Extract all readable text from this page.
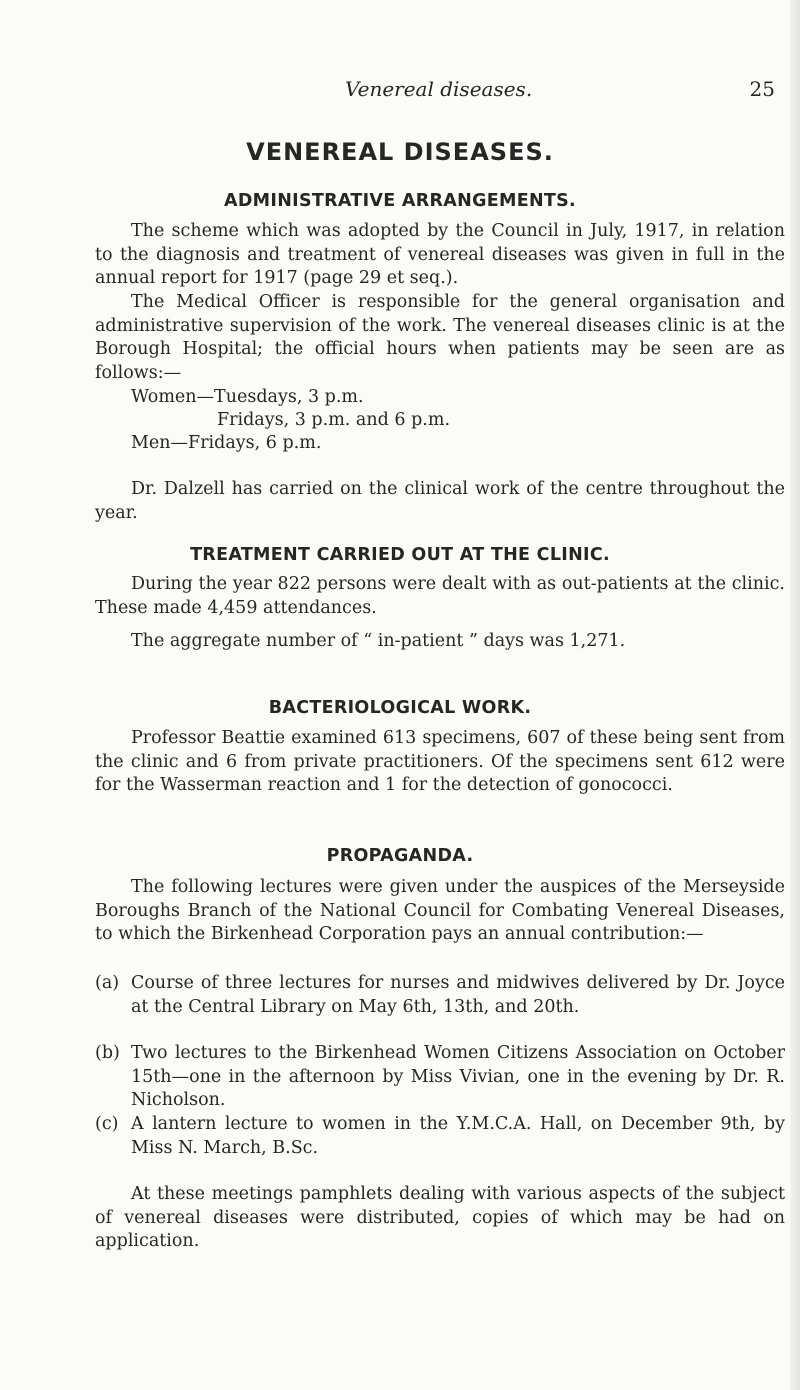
Venereal diseases.	25
VENEREAL DISEASES.
ADMINISTRATIVE ARRANGEMENTS.

The scheme which was adopted by the Council in July, 1917, in relation to the diagnosis and treatment of venereal diseases was given in full in the annual report for 1917 (page 29 et seq.).

The Medical Officer is responsible for the general organisation and administrative supervision of the work. The venereal diseases clinic is at the Borough Hospital; the official hours when patients may be seen are as follows:—

Women—Tuesdays, 3 p.m.
Fridays, 3 p.m. and 6 p.m.
Men—Fridays, 6 p.m.

Dr. Dalzell has carried on the clinical work of the centre throughout the year.

TREATMENT CARRIED OUT AT THE CLINIC.

During the year 822 persons were dealt with as out-patients at the clinic. These made 4,459 attendances.

The aggregate number of “ in-patient ” days was 1,271.

BACTERIOLOGICAL WORK.

Professor Beattie examined 613 specimens, 607 of these being sent from the clinic and 6 from private practitioners. Of the specimens sent 612 were for the Wasserman reaction and 1 for the detection of gonococci.

PROPAGANDA.

The following lectures were given under the auspices of the Merseyside Boroughs Branch of the National Council for Combating Venereal Diseases, to which the Birkenhead Corporation pays an annual contribution:—

(a) Course of three lectures for nurses and midwives delivered by Dr. Joyce at the Central Library on May 6th, 13th, and 20th.
(b) Two lectures to the Birkenhead Women Citizens Association on October 15th—one in the afternoon by Miss Vivian, one in the evening by Dr. R. Nicholson.
(c) A lantern lecture to women in the Y.M.C.A. Hall, on December 9th, by Miss N. March, B.Sc.

At these meetings pamphlets dealing with various aspects of the subject of venereal diseases were distributed, copies of which may be had on application.
